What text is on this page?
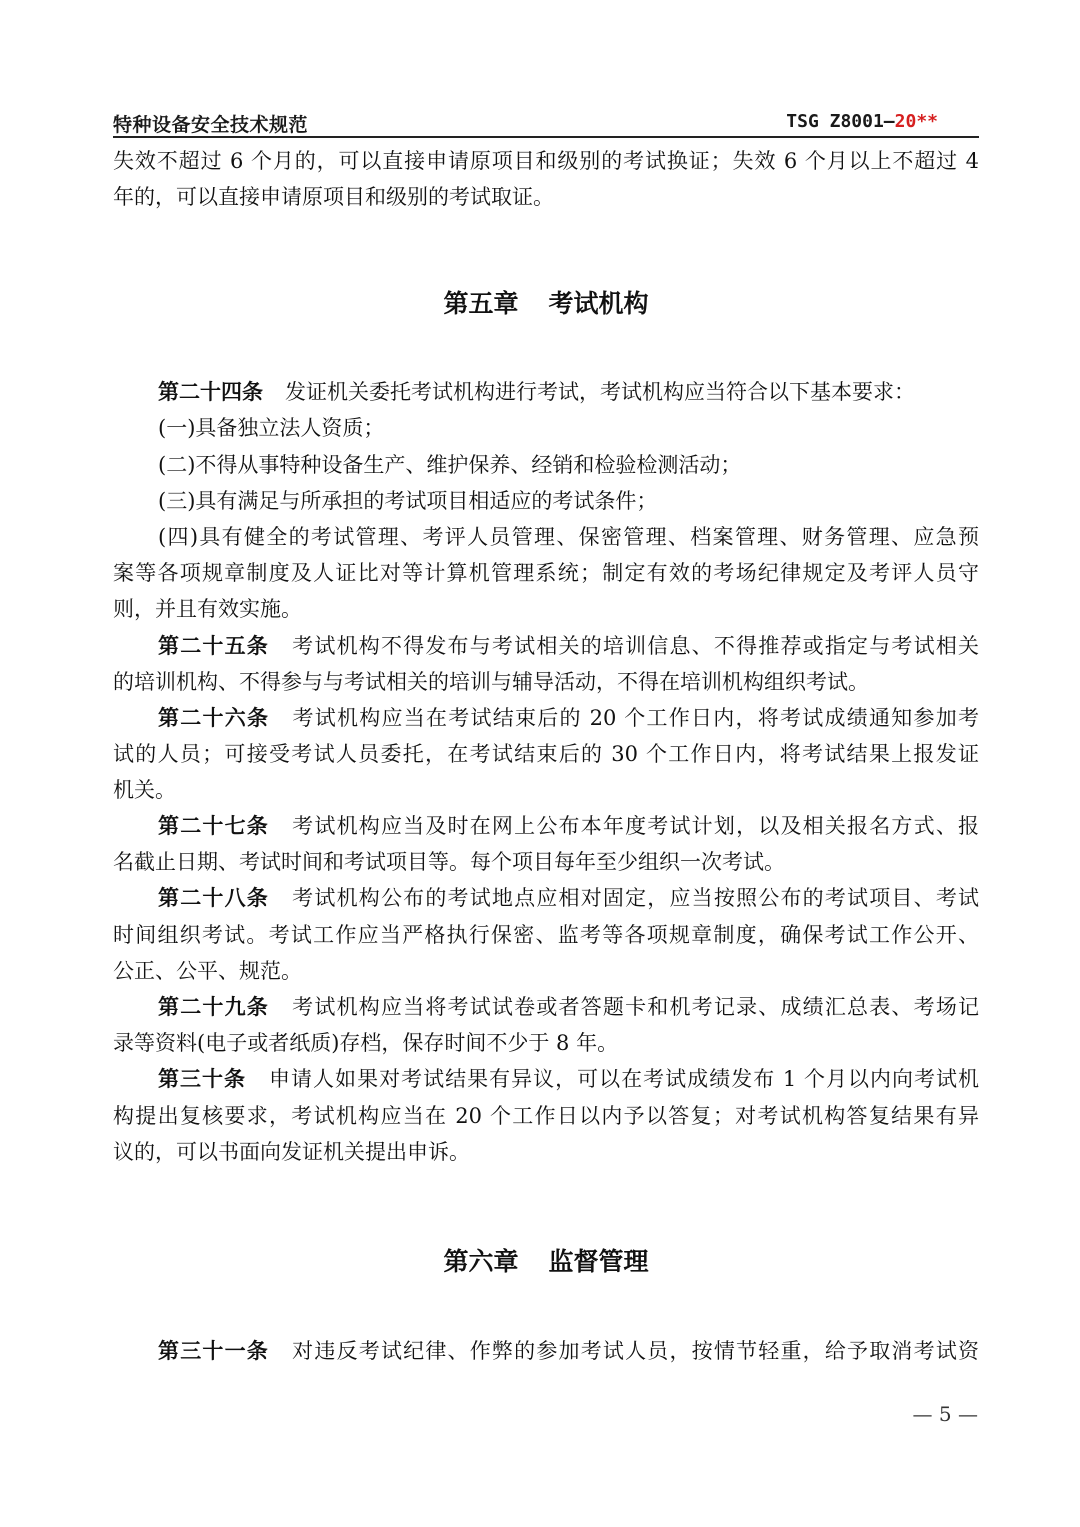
特种设备安全技术规范	TSG Z8001—20**
失效不超过 6 个月的，可以直接申请原项目和级别的考试换证；失效 6 个月以上不超过 4
年的，可以直接申请原项目和级别的考试取证。
第五章 考试机构
第二十四条 发证机关委托考试机构进行考试，考试机构应当符合以下基本要求：
(一)具备独立法人资质；
(二)不得从事特种设备生产、维护保养、经销和检验检测活动；
(三)具有满足与所承担的考试项目相适应的考试条件；
(四)具有健全的考试管理、考评人员管理、保密管理、档案管理、财务管理、应急预
案等各项规章制度及人证比对等计算机管理系统；制定有效的考场纪律规定及考评人员守
则，并且有效实施。
第二十五条 考试机构不得发布与考试相关的培训信息、不得推荐或指定与考试相关
的培训机构、不得参与与考试相关的培训与辅导活动，不得在培训机构组织考试。
第二十六条 考试机构应当在考试结束后的 20 个工作日内，将考试成绩通知参加考
试的人员；可接受考试人员委托，在考试结束后的 30 个工作日内，将考试结果上报发证
机关。
第二十七条 考试机构应当及时在网上公布本年度考试计划，以及相关报名方式、报
名截止日期、考试时间和考试项目等。每个项目每年至少组织一次考试。
第二十八条 考试机构公布的考试地点应相对固定，应当按照公布的考试项目、考试
时间组织考试。考试工作应当严格执行保密、监考等各项规章制度，确保考试工作公开、
公正、公平、规范。
第二十九条 考试机构应当将考试试卷或者答题卡和机考记录、成绩汇总表、考场记
录等资料(电子或者纸质)存档，保存时间不少于 8 年。
第三十条 申请人如果对考试结果有异议，可以在考试成绩发布 1 个月以内向考试机
构提出复核要求，考试机构应当在 20 个工作日以内予以答复；对考试机构答复结果有异
议的，可以书面向发证机关提出申诉。
第六章 监督管理
第三十一条 对违反考试纪律、作弊的参加考试人员，按情节轻重，给予取消考试资
— 5 —
